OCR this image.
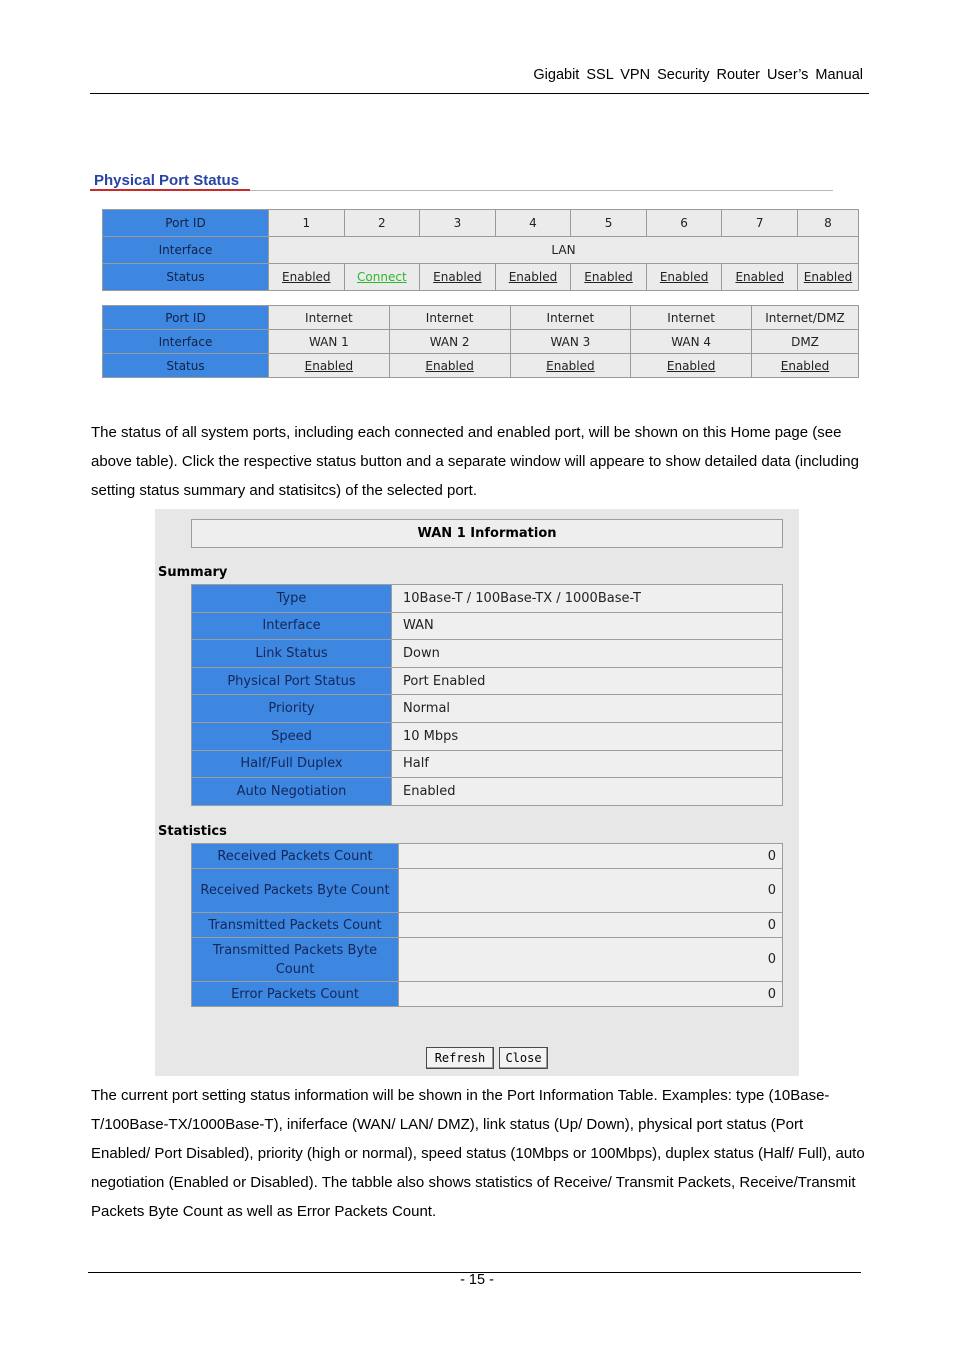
Gigabit SSL VPN Security Router User’s Manual
Physical Port Status
Port ID	1	2	3	4	5	6	7	8
Interface	LAN							
Status	Enabled	Connect	Enabled	Enabled	Enabled	Enabled	Enabled	Enabled
Port ID	Internet	Internet	Internet	Internet	Internet/DMZ
Interface	WAN 1	WAN 2	WAN 3	WAN 4	DMZ
Status	Enabled	Enabled	Enabled	Enabled	Enabled
The status of all system ports, including each connected and enabled port, will be shown on this Home page (see above table). Click the respective status button and a separate window will appeare to show detailed data (including setting status summary and statisitcs) of the selected port.
WAN 1 Information
Summary
Type	10Base-T / 100Base-TX / 1000Base-T
Interface	WAN
Link Status	Down
Physical Port Status	Port Enabled
Priority	Normal
Speed	10 Mbps
Half/Full Duplex	Half
Auto Negotiation	Enabled
Statistics
Received Packets Count	0
Received Packets Byte Count	0
Transmitted Packets Count	0
Transmitted Packets Byte Count	0
Error Packets Count	0
Refresh	Close
The current port setting status information will be shown in the Port Information Table. Examples: type (10Base-T/100Base-TX/1000Base-T), iniferface (WAN/ LAN/ DMZ), link status (Up/ Down), physical port status (Port Enabled/ Port Disabled), priority (high or normal), speed status (10Mbps or 100Mbps), duplex status (Half/ Full), auto negotiation (Enabled or Disabled). The tabble also shows statistics of Receive/ Transmit Packets, Receive/Transmit Packets Byte Count as well as Error Packets Count.
- 15 -
